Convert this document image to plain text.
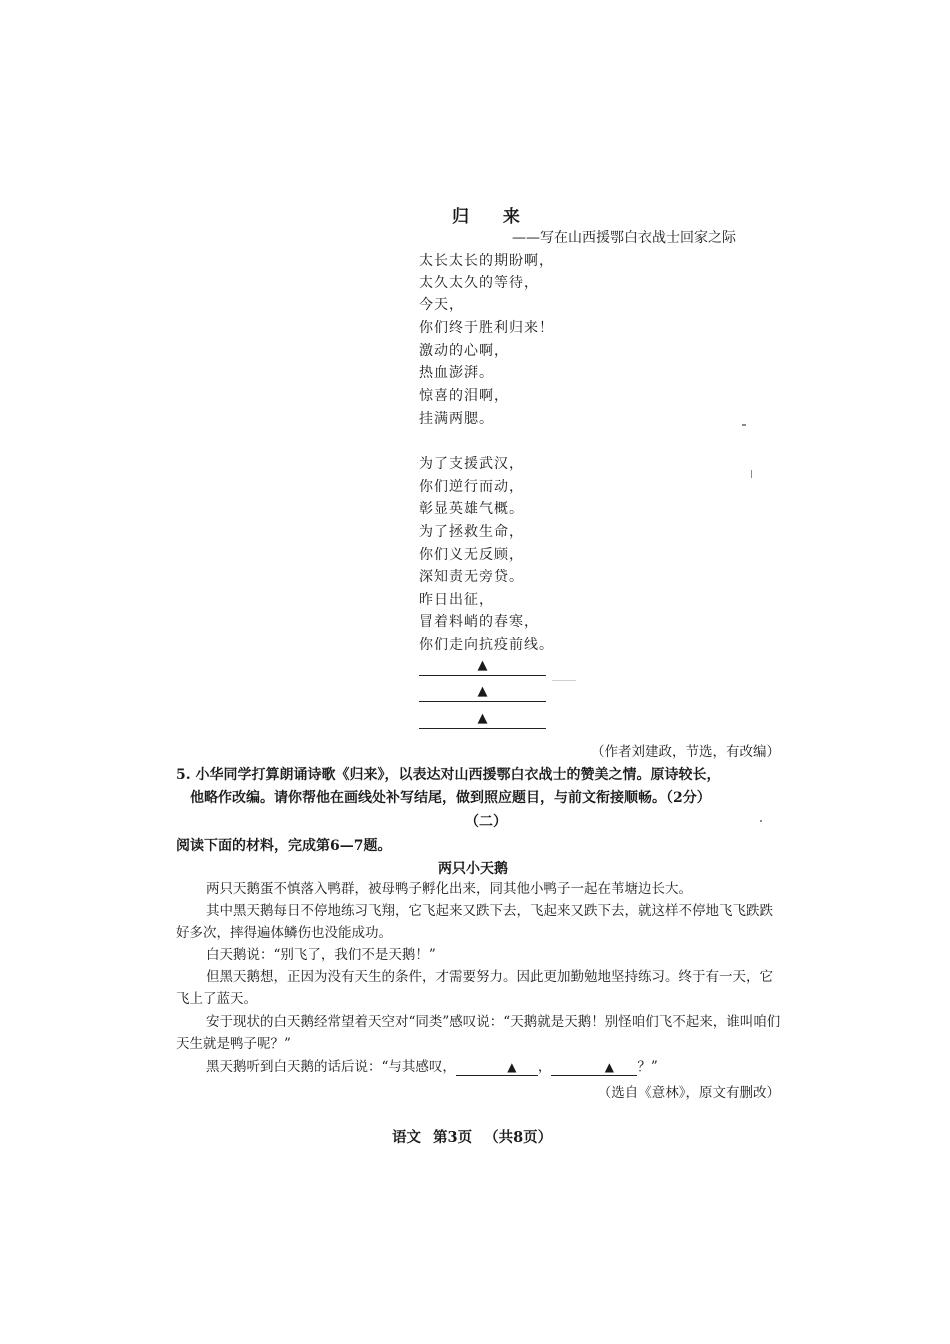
归 来
——写在山西援鄂白衣战士回家之际
太长太长的期盼啊，
太久太久的等待，
今天，
你们终于胜利归来！
激动的心啊，
热血澎湃。
惊喜的泪啊，
挂满两腮。
为了支援武汉，
你们逆行而动，
彰显英雄气概。
为了拯救生命，
你们义无反顾，
深知责无旁贷。
昨日出征，
冒着料峭的春寒，
你们走向抗疫前线。
▲
▲
▲
（作者刘建政，节选，有改编）
5. 小华同学打算朗诵诗歌《归来》，以表达对山西援鄂白衣战士的赞美之情。原诗较长，
他略作改编。请你帮他在画线处补写结尾，做到照应题目，与前文衔接顺畅。（2分）
（二）
阅读下面的材料，完成第6—7题。
两只小天鹅
两只天鹅蛋不慎落入鸭群，被母鸭子孵化出来，同其他小鸭子一起在苇塘边长大。
其中黑天鹅每日不停地练习飞翔，它飞起来又跌下去，飞起来又跌下去，就这样不停地飞飞跌跌好多次，摔得遍体鳞伤也没能成功。
白天鹅说：“别飞了，我们不是天鹅！”
但黑天鹅想，正因为没有天生的条件，才需要努力。因此更加勤勉地坚持练习。终于有一天，它飞上了蓝天。
安于现状的白天鹅经常望着天空对“同类”感叹说：“天鹅就是天鹅！别怪咱们飞不起来，谁叫咱们天生就是鸭子呢？”
黑天鹅听到白天鹅的话后说：“与其感叹，	▲ ，	▲ ？”
（选自《意林》，原文有删改）
语文 第3页 （共8页）
